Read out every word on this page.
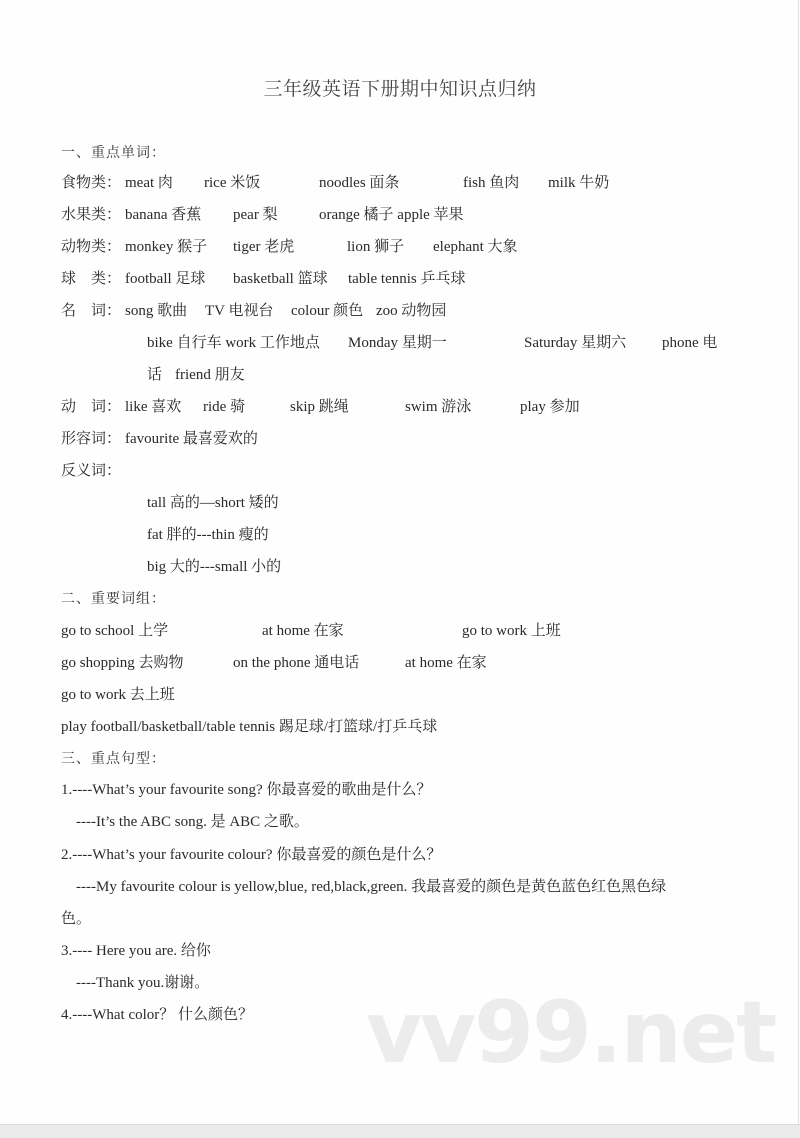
三年级英语下册期中知识点归纳
一、重点单词：
食物类： meat 肉 rice 米饭	noodles 面条	fish 鱼肉 milk 牛奶
水果类： banana 香蕉 pear 梨	orange 橘子 apple 苹果
动物类： monkey 猴子 tiger 老虎	lion 狮子 elephant 大象
球　类： football 足球 basketball 篮球 table tennis 乒乓球
名　词： song 歌曲 TV 电视台 colour 颜色 zoo 动物园
bike 自行车 work 工作地点 Monday 星期一	Saturday 星期六 phone 电
话 friend 朋友
动　词： like 喜欢 ride 骑	skip 跳绳	swim 游泳	play 参加
形容词： favourite 最喜爱欢的
反义词：
tall 高的—short 矮的
fat 胖的---thin 瘦的
big 大的---small 小的
二、重要词组：
go to school 上学	at home 在家	go to work 上班
go shopping 去购物	on the phone 通电话	at home 在家
go to work 去上班
play football/basketball/table tennis 踢足球/打篮球/打乒乓球
三、重点句型：
1.----What’s your favourite song? 你最喜爱的歌曲是什么？
----It’s the ABC song. 是 ABC 之歌。
2.----What’s your favourite colour? 你最喜爱的颜色是什么？
----My favourite colour is yellow,blue, red,black,green. 我最喜爱的颜色是黄色蓝色红色黑色绿
色。
3.---- Here you are. 给你
----Thank you.谢谢。
4.----What color？ 什么颜色？ vv99.net
